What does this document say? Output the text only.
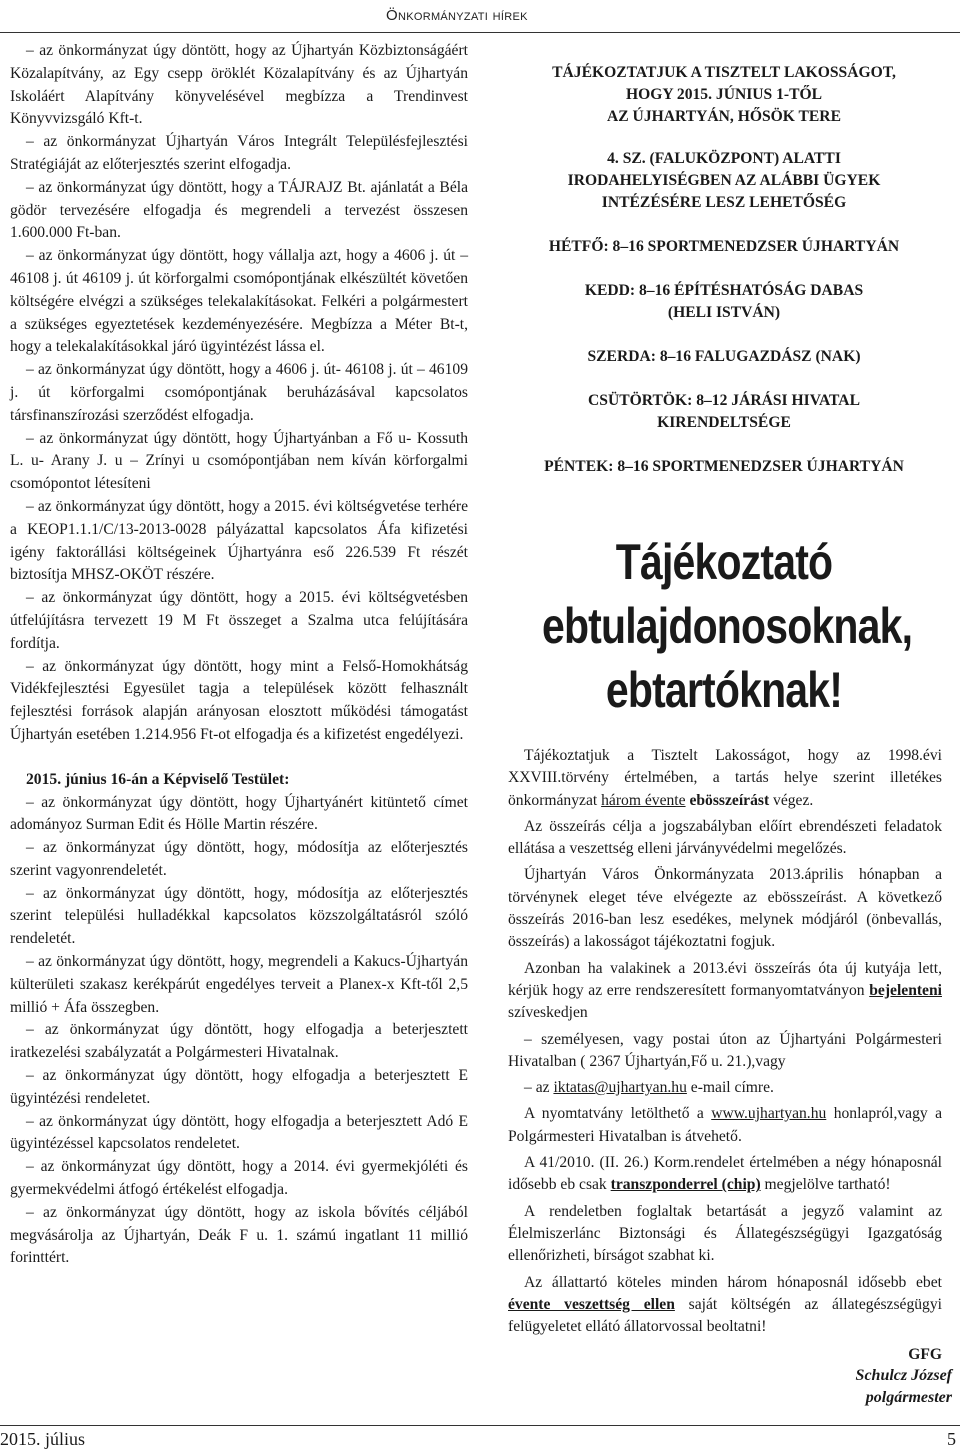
Önkormányzati hírek

– az önkormányzat úgy döntött, hogy az Újhartyán Közbiztonságáért Közalapítvány, az Egy csepp öröklét Közalapítvány és az Újhartyán Iskoláért Alapítvány könyvelésével megbízza a Trendinvest Könyvvizsgáló Kft-t.

– az önkormányzat Újhartyán Város Integrált Településfejlesztési Stratégiáját az előterjesztés szerint elfogadja.

– az önkormányzat úgy döntött, hogy a TÁJRAJZ Bt. ajánlatát a Béla gödör tervezésére elfogadja és megrendeli a tervezést összesen 1.600.000 Ft-ban.

– az önkormányzat úgy döntött, hogy vállalja azt, hogy a 4606 j. út – 46108 j. út 46109 j. út körforgalmi csomópontjának elkészültét követően költségére elvégzi a szükséges telekalakításokat. Felkéri a polgármestert a szükséges egyeztetések kezdeményezésére. Megbízza a Méter Bt-t, hogy a telekalakításokkal járó ügyintézést lássa el.

– az önkormányzat úgy döntött, hogy a 4606 j. út- 46108 j. út – 46109 j. út körforgalmi csomópontjának beruházásával kapcsolatos társfinanszírozási szerződést elfogadja.

– az önkormányzat úgy döntött, hogy Újhartyánban a Fő u- Kossuth L. u- Arany J. u – Zrínyi u csomópontjában nem kíván körforgalmi csomópontot létesíteni

– az önkormányzat úgy döntött, hogy a 2015. évi költségvetése terhére a KEOP1.1.1/C/13-2013-0028 pályázattal kapcsolatos Áfa kifizetési igény faktorállási költségeinek Újhartyánra eső 226.539 Ft részét biztosítja MHSZ-OKÖT részére.

– az önkormányzat úgy döntött, hogy a 2015. évi költségvetésben útfelújításra tervezett 19 M Ft összeget a Szalma utca felújítására fordítja.

– az önkormányzat úgy döntött, hogy mint a Felső-Homokhátság Vidékfejlesztési Egyesület tagja a települések között felhasznált fejlesztési források alapján arányosan elosztott működési támogatást Újhartyán esetében 1.214.956 Ft-ot elfogadja és a kifizetést engedélyezi.

2015. június 16-án a Képviselő Testület:

– az önkormányzat úgy döntött, hogy Újhartyánért kitüntető címet adományoz Surman Edit és Hölle Martin részére.

– az önkormányzat úgy döntött, hogy, módosítja az előterjesztés szerint vagyonrendeletét.

– az önkormányzat úgy döntött, hogy, módosítja az előterjesztés szerint települési hulladékkal kapcsolatos közszolgáltatásról szóló rendeletét.

– az önkormányzat úgy döntött, hogy, megrendeli a Kakucs-Újhartyán külterületi szakasz kerékpárút engedélyes terveit a Planex-x Kft-től 2,5 millió + Áfa összegben.

– az önkormányzat úgy döntött, hogy elfogadja a beterjesztett iratkezelési szabályzatát a Polgármesteri Hivatalnak.

– az önkormányzat úgy döntött, hogy elfogadja a beterjesztett E ügyintézési rendeletet.

– az önkormányzat úgy döntött, hogy elfogadja a beterjesztett Adó E ügyintézéssel kapcsolatos rendeletet.

– az önkormányzat úgy döntött, hogy a 2014. évi gyermekjóléti és gyermekvédelmi átfogó értékelést elfogadja.

– az önkormányzat úgy döntött, hogy az iskola bővítés céljából megvásárolja az Újhartyán, Deák F u. 1. számú ingatlant 11 millió forinttért.

Schulcz József
polgármester
TÁJÉKOZTATJUK A TISZTELT LAKOSSÁGOT,
HOGY 2015. JÚNIUS 1-TŐL
AZ ÚJHARTYÁN, HŐSÖK TERE
4. SZ. (FALUKÖZPONT) ALATTI
IRODAHELYISÉGBEN AZ ALÁBBI ÜGYEK
INTÉZÉSÉRE LESZ LEHETŐSÉG
HÉTFŐ: 8–16 SPORTMENEDZSER ÚJHARTYÁN
KEDD: 8–16 ÉPÍTÉSHATÓSÁG DABAS
(HELI ISTVÁN)
SZERDA: 8–16 FALUGAZDÁSZ (NAK)
CSÜTÖRTÖK: 8–12 JÁRÁSI HIVATAL
KIRENDELTSÉGE
PÉNTEK: 8–16 SPORTMENEDZSER ÚJHARTYÁN
Tájékoztató
ebtulajdonosoknak,
ebtartóknak!

Tájékoztatjuk a Tisztelt Lakosságot, hogy az 1998.évi XXVIII.törvény értelmében, a tartás helye szerint illetékes önkormányzat három évente ebösszeírást végez.

Az összeírás célja a jogszabályban előírt ebrendészeti feladatok ellátása a veszettség elleni járványvédelmi megelőzés.

Újhartyán Város Önkormányzata 2013.április hónapban a törvénynek eleget téve elvégezte az ebösszeírást. A következő összeírás 2016-ban lesz esedékes, melynek módjáról (önbevallás, összeírás) a lakosságot tájékoztatni fogjuk.

Azonban ha valakinek a 2013.évi összeírás óta új kutyája lett, kérjük hogy az erre rendszeresített formanyomtatványon bejelenteni szíveskedjen

– személyesen, vagy postai úton az Újhartyáni Polgármesteri Hivatalban ( 2367 Újhartyán,Fő u. 21.),vagy

– az iktatas@ujhartyan.hu e-mail címre.

A nyomtatvány letölthető a www.ujhartyan.hu honlapról,vagy a Polgármesteri Hivatalban is átvehető.

A 41/2010. (II. 26.) Korm.rendelet értelmében a négy hónaposnál idősebb eb csak transzponderrel (chip) megjelölve tartható!

A rendeletben foglaltak betartását a jegyző valamint az Élelmiszerlánc Biztonsági és Állategészségügyi Igazgatóság ellenőrizheti, bírságot szabhat ki.

Az állattartó köteles minden három hónaposnál idősebb ebet évente veszettség ellen saját költségén az állategészségügyi felügyeletet ellátó állatorvossal beoltatni!

GFG
2015. július	5
